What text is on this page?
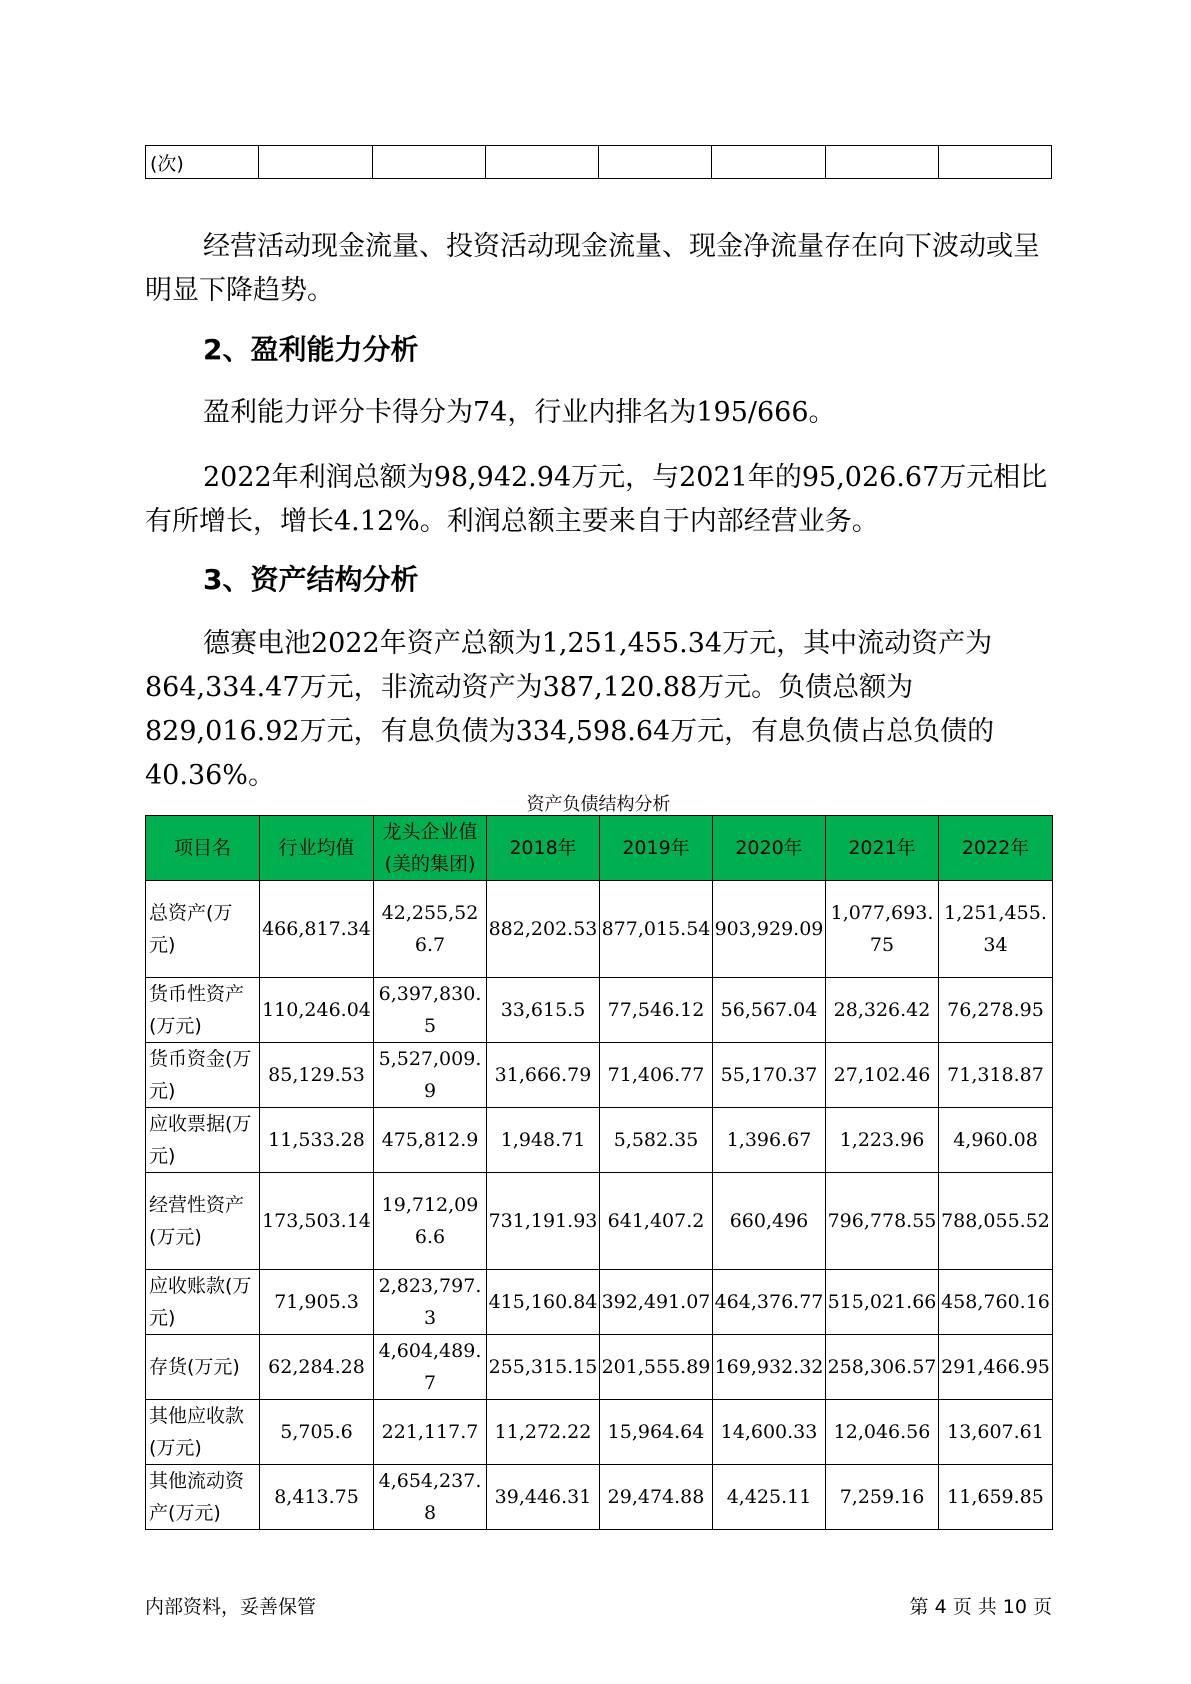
(次)							

经营活动现金流量、投资活动现金流量、现金净流量存在向下波动或呈明显下降趋势。

2、盈利能力分析

盈利能力评分卡得分为74，行业内排名为195/666。

2022年利润总额为98,942.94万元，与2021年的95,026.67万元相比有所增长，增长4.12%。利润总额主要来自于内部经营业务。

3、资产结构分析

德赛电池2022年资产总额为1,251,455.34万元，其中流动资产为864,334.47万元，非流动资产为387,120.88万元。负债总额为829,016.92万元，有息负债为334,598.64万元，有息负债占总负债的40.36%。

资产负债结构分析
项目名	行业均值	龙头企业值(美的集团)	2018年	2019年	2020年	2021年	2022年
总资产(万元)	466,817.34	42,255,526.7	882,202.53	877,015.54	903,929.09	1,077,693.75	1,251,455.34
货币性资产(万元)	110,246.04	6,397,830.5	33,615.5	77,546.12	56,567.04	28,326.42	76,278.95
货币资金(万元)	85,129.53	5,527,009.9	31,666.79	71,406.77	55,170.37	27,102.46	71,318.87
应收票据(万元)	11,533.28	475,812.9	1,948.71	5,582.35	1,396.67	1,223.96	4,960.08
经营性资产(万元)	173,503.14	19,712,096.6	731,191.93	641,407.2	660,496	796,778.55	788,055.52
应收账款(万元)	71,905.3	2,823,797.3	415,160.84	392,491.07	464,376.77	515,021.66	458,760.16
存货(万元)	62,284.28	4,604,489.7	255,315.15	201,555.89	169,932.32	258,306.57	291,466.95
其他应收款(万元)	5,705.6	221,117.7	11,272.22	15,964.64	14,600.33	12,046.56	13,607.61
其他流动资产(万元)	8,413.75	4,654,237.8	39,446.31	29,474.88	4,425.11	7,259.16	11,659.85
内部资料，妥善保管	第 4 页 共 10 页
